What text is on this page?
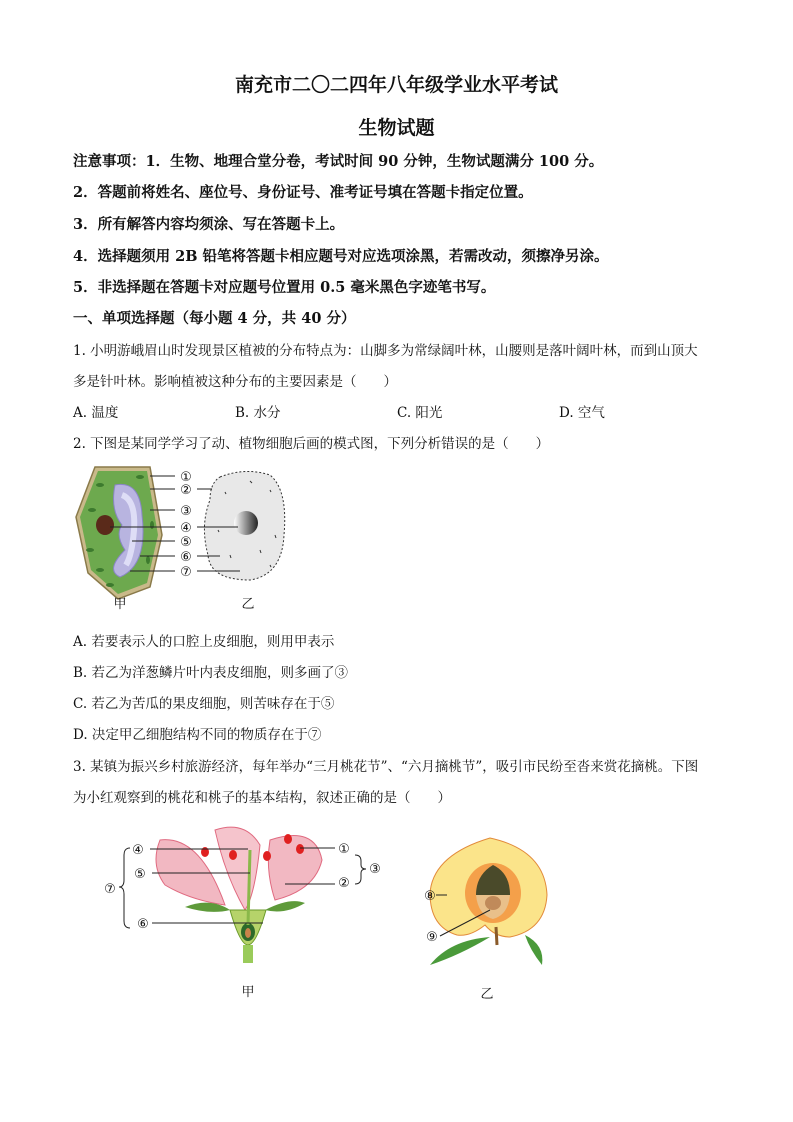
南充市二〇二四年八年级学业水平考试
生物试题
注意事项：1．生物、地理合堂分卷，考试时间 90 分钟，生物试题满分 100 分。
2．答题前将姓名、座位号、身份证号、准考证号填在答题卡指定位置。
3．所有解答内容均须涂、写在答题卡上。
4．选择题须用 2B 铅笔将答题卡相应题号对应选项涂黑，若需改动，须擦净另涂。
5．非选择题在答题卡对应题号位置用 0.5 毫米黑色字迹笔书写。
一、单项选择题（每小题 4 分，共 40 分）
1. 小明游峨眉山时发现景区植被的分布特点为：山脚多为常绿阔叶林，山腰则是落叶阔叶林，而到山顶大
多是针叶林。影响植被这种分布的主要因素是（　　）
A. 温度	B. 水分	C. 阳光	D. 空气
2. 下图是某同学学习了动、植物细胞后画的模式图，下列分析错误的是（　　）
①
②
③
④
⑤
⑥
⑦
甲	乙
A. 若要表示人的口腔上皮细胞，则用甲表示
B. 若乙为洋葱鳞片叶内表皮细胞，则多画了③
C. 若乙为苦瓜的果皮细胞，则苦味存在于⑤
D. 决定甲乙细胞结构不同的物质存在于⑦
3. 某镇为振兴乡村旅游经济，每年举办“三月桃花节”、“六月摘桃节”，吸引市民纷至沓来赏花摘桃。下图
为小红观察到的桃花和桃子的基本结构，叙述正确的是（　　）
④
⑤
⑦
⑥
①
②
③
甲
⑧
⑨
乙
